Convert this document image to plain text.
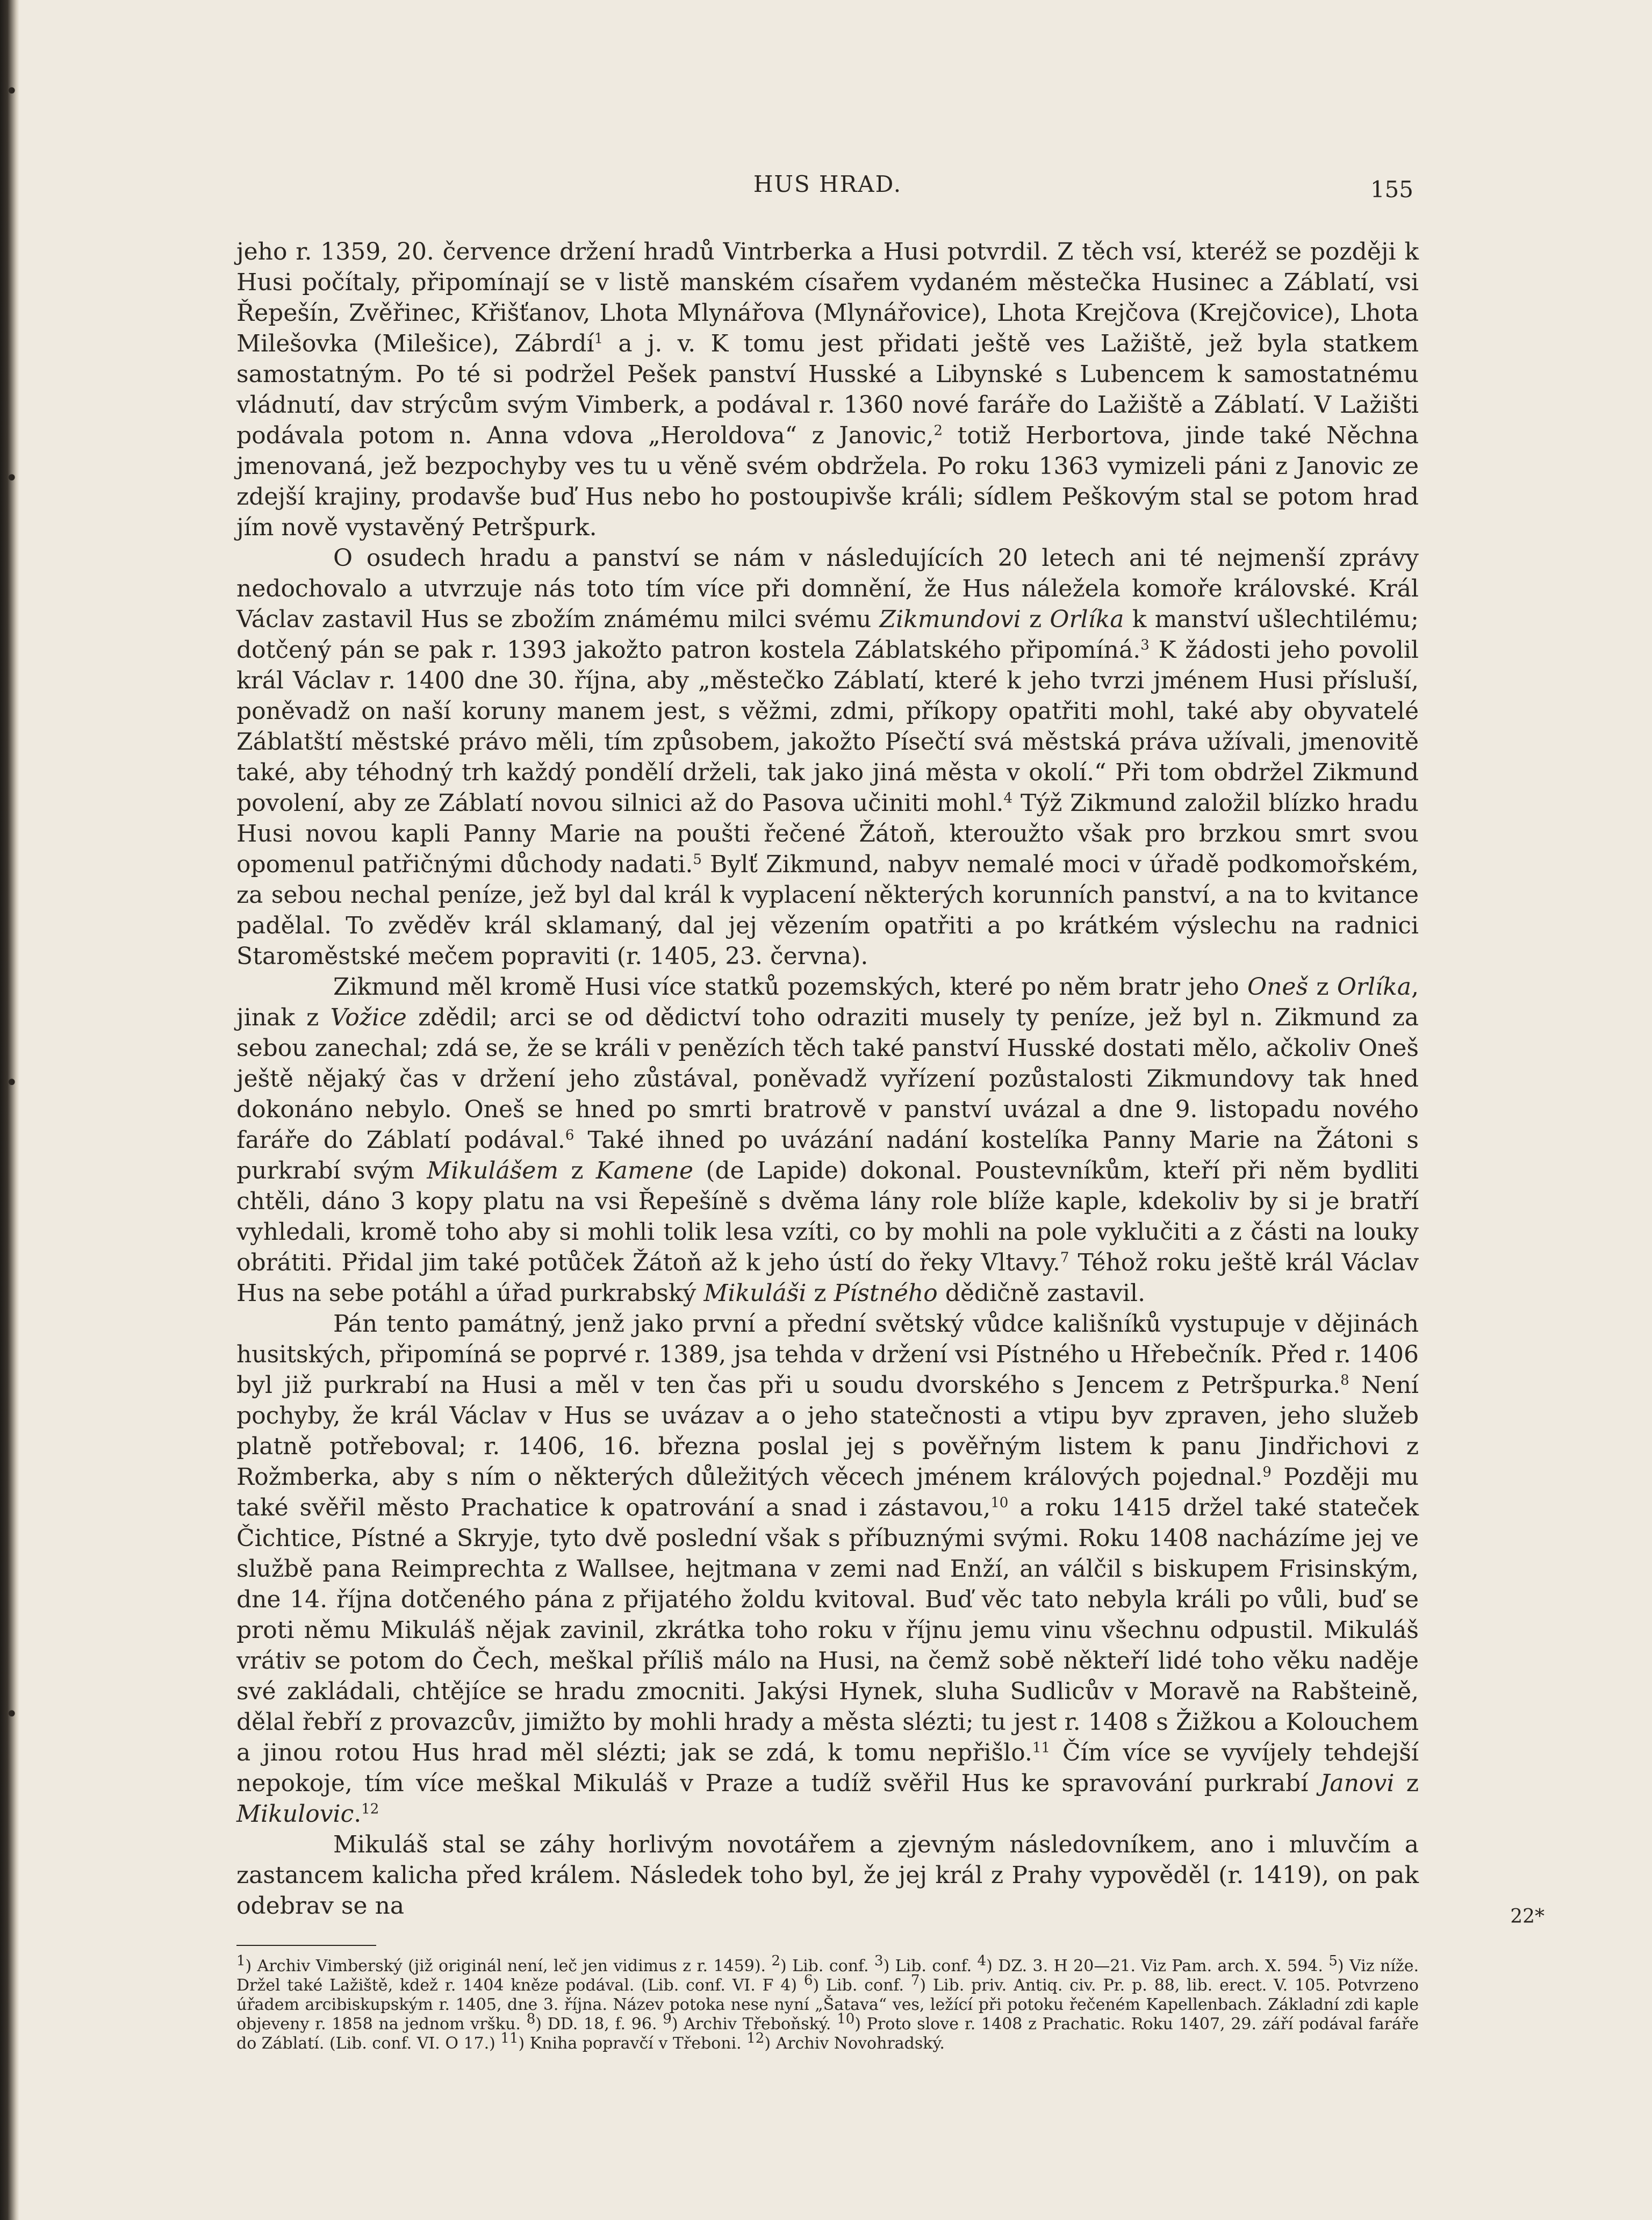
•
•
•
•
HUS HRAD.	155

jeho r. 1359, 20. července držení hradů Vintrberka a Husi potvrdil. Z těch vsí, kteréž se později k Husi počítaly, připomínají se v listě manském císařem vydaném městečka Husinec a Záblatí, vsi Řepešín, Zvěřinec, Křišťanov, Lhota Mlynářova (Mlynářovice), Lhota Krejčova (Krejčovice), Lhota Milešovka (Milešice), Zábrdí$^1$ a j. v. K tomu jest přidati ještě ves Lažiště, jež byla statkem samostatným. Po té si podržel Pešek panství Husské a Libynské s Lubencem k samostatnému vládnutí, dav strýcům svým Vimberk, a podával r. 1360 nové faráře do Lažiště a Záblatí. V Lažišti podávala potom n. Anna vdova „Heroldova“ z Janovic,$^2$ totiž Herbortova, jinde také Něchna jmenovaná, jež bezpochyby ves tu u věně svém obdržela. Po roku 1363 vymizeli páni z Janovic ze zdejší krajiny, prodavše buď Hus nebo ho postoupivše králi; sídlem Peškovým stal se potom hrad jím nově vystavěný Petršpurk.

O osudech hradu a panství se nám v následujících 20 letech ani té nejmenší zprávy nedochovalo a utvrzuje nás toto tím více při domnění, že Hus náležela komoře královské. Král Václav zastavil Hus se zbožím známému milci svému Zikmundovi z Orlíka k manství ušlechtilému; dotčený pán se pak r. 1393 jakožto patron kostela Záblatského připomíná.$^3$ K žádosti jeho povolil král Václav r. 1400 dne 30. října, aby „městečko Záblatí, které k jeho tvrzi jménem Husi přísluší, poněvadž on naší koruny manem jest, s věžmi, zdmi, příkopy opatřiti mohl, také aby obyvatelé Záblatští městské právo měli, tím způsobem, jakožto Písečtí svá městská práva užívali, jmenovitě také, aby téhodný trh každý pondělí drželi, tak jako jiná města v okolí.“ Při tom obdržel Zikmund povolení, aby ze Záblatí novou silnici až do Pasova učiniti mohl.$^4$ Týž Zikmund založil blízko hradu Husi novou kapli Panny Marie na poušti řečené Žátoň, kteroužto však pro brzkou smrt svou opomenul patřičnými důchody nadati.$^5$ Bylť Zikmund, nabyv nemalé moci v úřadě podkomořském, za sebou nechal peníze, jež byl dal král k vyplacení některých korunních panství, a na to kvitance padělal. To zvěděv král sklamaný, dal jej vězením opatřiti a po krátkém výslechu na radnici Staroměstské mečem popraviti (r. 1405, 23. června).

Zikmund měl kromě Husi více statků pozemských, které po něm bratr jeho Oneš z Orlíka, jinak z Vožice zdědil; arci se od dědictví toho odraziti musely ty peníze, jež byl n. Zikmund za sebou zanechal; zdá se, že se králi v penězích těch také panství Husské dostati mělo, ačkoliv Oneš ještě nějaký čas v držení jeho zůstával, poněvadž vyřízení pozůstalosti Zikmundovy tak hned dokonáno nebylo. Oneš se hned po smrti bratrově v panství uvázal a dne 9. listopadu nového faráře do Záblatí podával.$^6$ Také ihned po uvázání nadání kostelíka Panny Marie na Žátoni s purkrabí svým Mikulášem z Kamene (de Lapide) dokonal. Poustevníkům, kteří při něm bydliti chtěli, dáno 3 kopy platu na vsi Řepešíně s dvěma lány role blíže kaple, kdekoliv by si je bratří vyhledali, kromě toho aby si mohli tolik lesa vzíti, co by mohli na pole vyklučiti a z části na louky obrátiti. Přidal jim také potůček Žátoň až k jeho ústí do řeky Vltavy.$^7$ Téhož roku ještě král Václav Hus na sebe potáhl a úřad purkrabský Mikuláši z Pístného dědičně zastavil.

Pán tento památný, jenž jako první a přední světský vůdce kališníků vystupuje v dějinách husitských, připomíná se poprvé r. 1389, jsa tehda v držení vsi Pístného u Hřebečník. Před r. 1406 byl již purkrabí na Husi a měl v ten čas při u soudu dvorského s Jencem z Petršpurka.$^8$ Není pochyby, že král Václav v Hus se uvázav a o jeho statečnosti a vtipu byv zpraven, jeho služeb platně potřeboval; r. 1406, 16. března poslal jej s pověřným listem k panu Jindřichovi z Rožmberka, aby s ním o některých důležitých věcech jménem králových pojednal.$^9$ Později mu také svěřil město Prachatice k opatrování a snad i zástavou,$^{10}$ a roku 1415 držel také stateček Čichtice, Pístné a Skryje, tyto dvě poslední však s příbuznými svými. Roku 1408 nacházíme jej ve službě pana Reimprechta z Wallsee, hejtmana v zemi nad Enží, an válčil s biskupem Frisinským, dne 14. října dotčeného pána z přijatého žoldu kvitoval. Buď věc tato nebyla králi po vůli, buď se proti němu Mikuláš nějak zavinil, zkrátka toho roku v říjnu jemu vinu všechnu odpustil. Mikuláš vrátiv se potom do Čech, meškal příliš málo na Husi, na čemž sobě někteří lidé toho věku naděje své zakládali, chtějíce se hradu zmocniti. Jakýsi Hynek, sluha Sudlicův v Moravě na Rabšteině, dělal řebří z provazcův, jimižto by mohli hrady a města slézti; tu jest r. 1408 s Žižkou a Kolouchem a jinou rotou Hus hrad měl slézti; jak se zdá, k tomu nepřišlo.$^{11}$ Čím více se vyvíjely tehdejší nepokoje, tím více meškal Mikuláš v Praze a tudíž svěřil Hus ke spravování purkrabí Janovi z Mikulovic.$^{12}$

Mikuláš stal se záhy horlivým novotářem a zjevným následovníkem, ano i mluvčím a zastancem kalicha před králem. Následek toho byl, že jej král z Prahy vypověděl (r. 1419), on pak odebrav se na

$^1$) Archiv Vimberský (již originál není, leč jen vidimus z r. 1459). $^2$) Lib. conf. $^3$) Lib. conf. $^4$) DZ. 3. H 20—21. Viz Pam. arch. X. 594. $^5$) Viz níže. Držel také Lažiště, kdež r. 1404 kněze podával. (Lib. conf. VI. F 4) $^6$) Lib. conf. $^7$) Lib. priv. Antiq. civ. Pr. p. 88, lib. erect. V. 105. Potvrzeno úřadem arcibiskupským r. 1405, dne 3. října. Název potoka nese nyní „Šatava“ ves, ležící při potoku řečeném Kapellenbach. Základní zdi kaple objeveny r. 1858 na jednom vršku. $^8$) DD. 18, f. 96. $^9$) Archiv Třeboňský. $^{10}$) Proto slove r. 1408 z Prachatic. Roku 1407, 29. září podával faráře do Záblatí. (Lib. conf. VI. O 17.) $^{11}$) Kniha popravčí v Třeboni. $^{12}$) Archiv Novohradský.
22*
